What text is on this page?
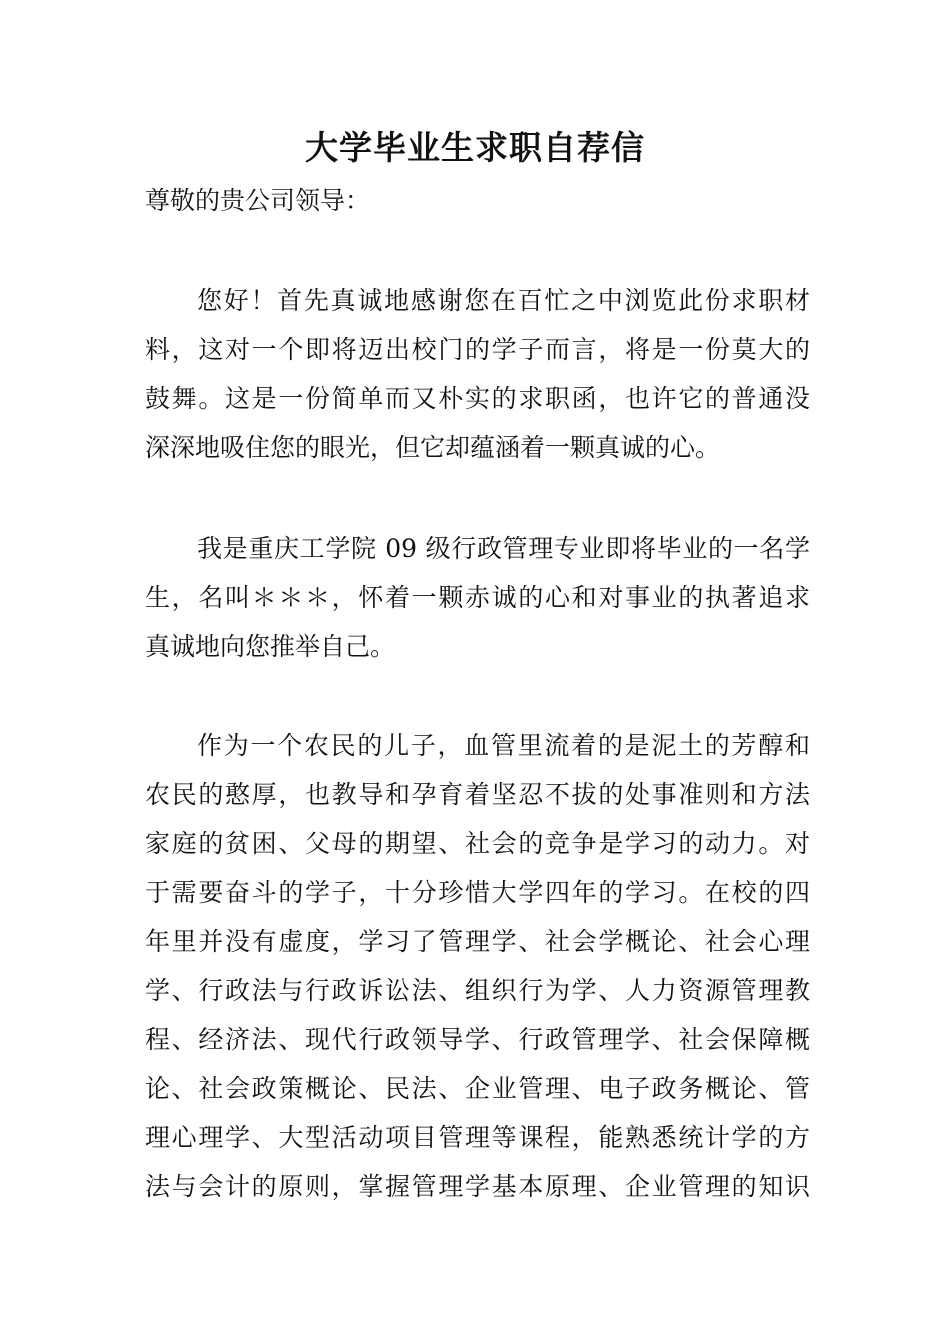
大学毕业生求职自荐信

尊敬的贵公司领导：

您好！首先真诚地感谢您在百忙之中浏览此份求职材
料，这对一个即将迈出校门的学子而言，将是一份莫大的
鼓舞。这是一份简单而又朴实的求职函，也许它的普通没
深深地吸住您的眼光，但它却蕴涵着一颗真诚的心。
我是重庆工学院 09 级行政管理专业即将毕业的一名学
生，名叫＊＊＊，怀着一颗赤诚的心和对事业的执著追求
真诚地向您推举自己。
作为一个农民的儿子，血管里流着的是泥土的芳醇和
农民的憨厚，也教导和孕育着坚忍不拔的处事准则和方法
家庭的贫困、父母的期望、社会的竞争是学习的动力。对
于需要奋斗的学子，十分珍惜大学四年的学习。在校的四
年里并没有虚度，学习了管理学、社会学概论、社会心理
学、行政法与行政诉讼法、组织行为学、人力资源管理教
程、经济法、现代行政领导学、行政管理学、社会保障概
论、社会政策概论、民法、企业管理、电子政务概论、管
理心理学、大型活动项目管理等课程，能熟悉统计学的方
法与会计的原则，掌握管理学基本原理、企业管理的知识
